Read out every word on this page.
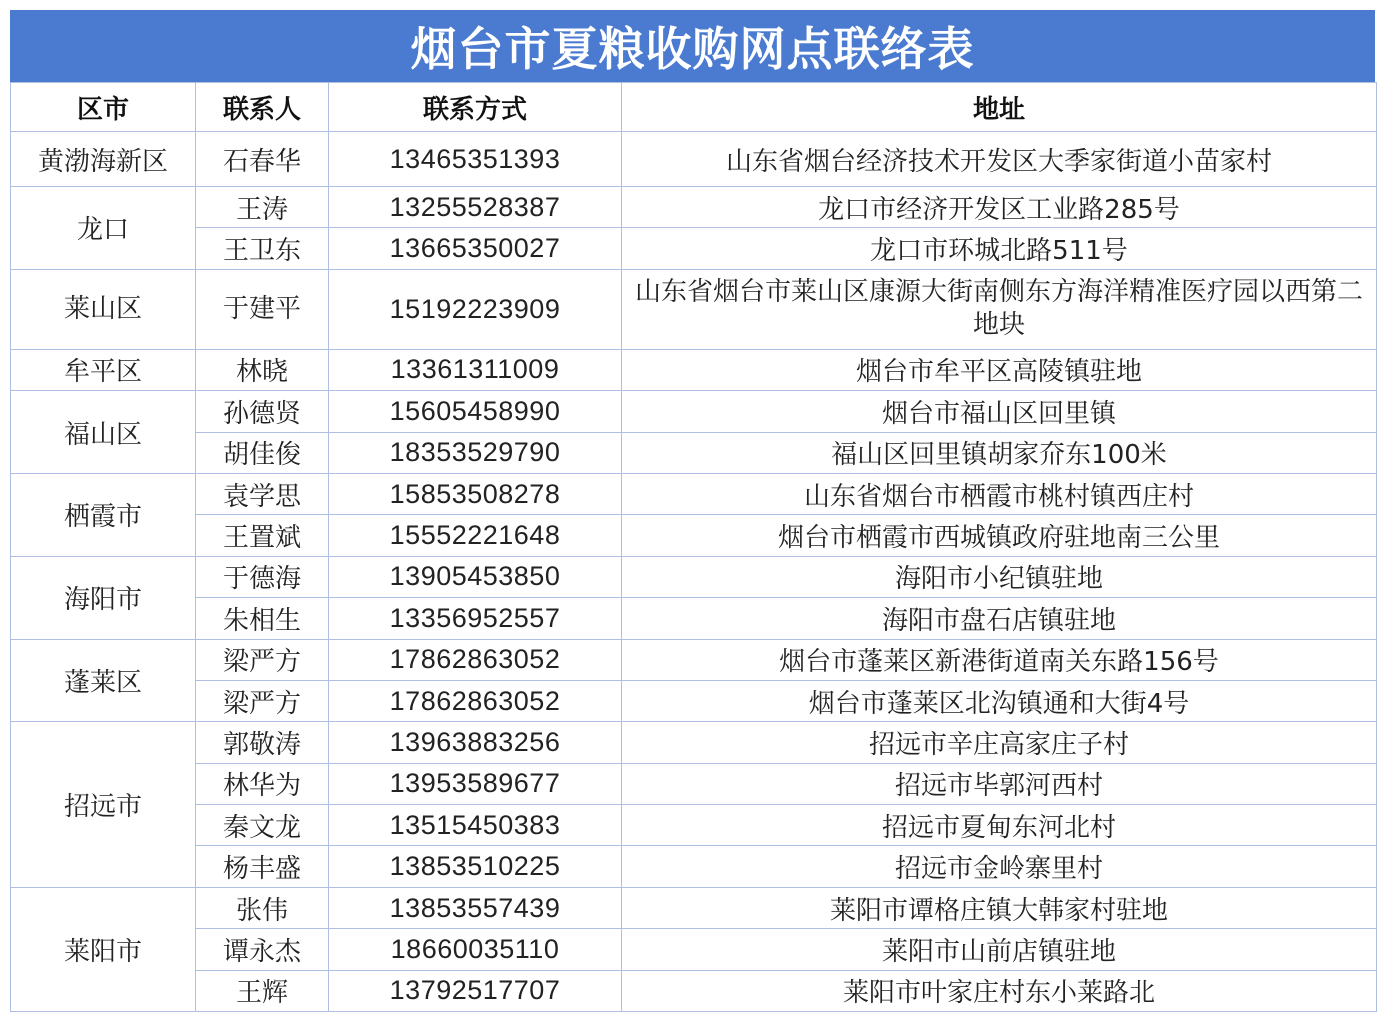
烟台市夏粮收购网点联络表
区市	联系人	联系方式	地址
黄渤海新区	石春华	13465351393	山东省烟台经济技术开发区大季家街道小苗家村
龙口	王涛	13255528387	龙口市经济开发区工业路285号
	王卫东	13665350027	龙口市环城北路511号
莱山区	于建平	15192223909	山东省烟台市莱山区康源大街南侧东方海洋精准医疗园以西第二地块
牟平区	林晓	13361311009	烟台市牟平区高陵镇驻地
福山区	孙德贤	15605458990	烟台市福山区回里镇
	胡佳俊	18353529790	福山区回里镇胡家夼东100米
栖霞市	袁学思	15853508278	山东省烟台市栖霞市桃村镇西庄村
	王置斌	15552221648	烟台市栖霞市西城镇政府驻地南三公里
海阳市	于德海	13905453850	海阳市小纪镇驻地
	朱相生	13356952557	海阳市盘石店镇驻地
蓬莱区	梁严方	17862863052	烟台市蓬莱区新港街道南关东路156号
	梁严方	17862863052	烟台市蓬莱区北沟镇通和大街4号
招远市	郭敬涛	13963883256	招远市辛庄高家庄子村
	林华为	13953589677	招远市毕郭河西村
	秦文龙	13515450383	招远市夏甸东河北村
	杨丰盛	13853510225	招远市金岭寨里村
莱阳市	张伟	13853557439	莱阳市谭格庄镇大韩家村驻地
	谭永杰	18660035110	莱阳市山前店镇驻地
	王辉	13792517707	莱阳市叶家庄村东小莱路北
